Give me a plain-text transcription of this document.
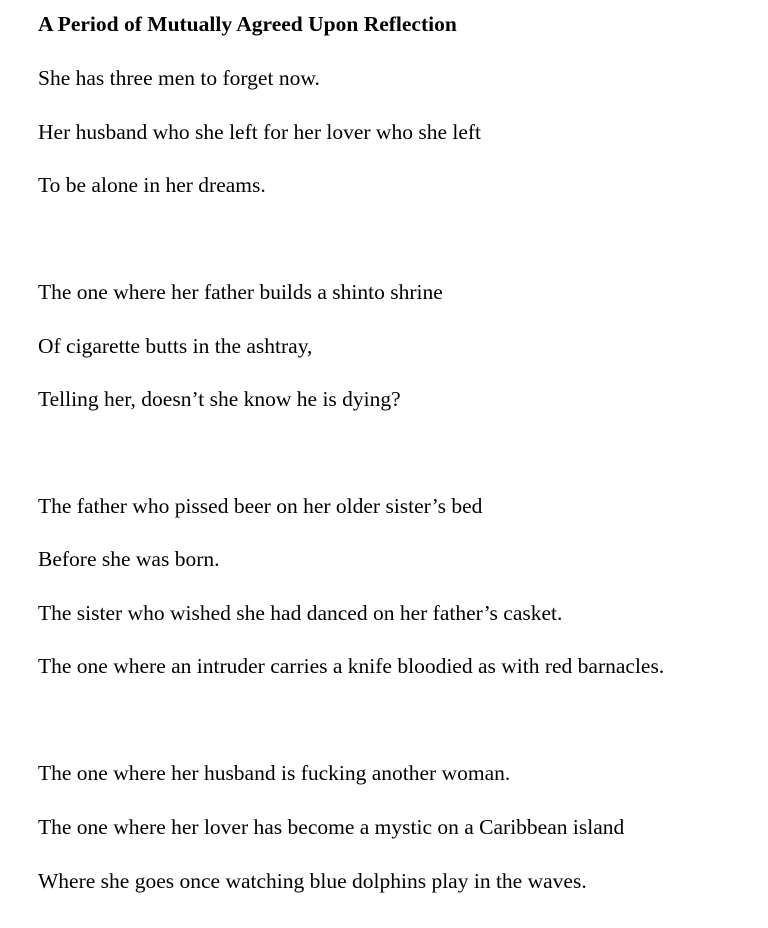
A Period of Mutually Agreed Upon Reflection
She has three men to forget now.
Her husband who she left for her lover who she left
To be alone in her dreams.
The one where her father builds a shinto shrine
Of cigarette butts in the ashtray,
Telling her, doesn’t she know he is dying?
The father who pissed beer on her older sister’s bed
Before she was born.
The sister who wished she had danced on her father’s casket.
The one where an intruder carries a knife bloodied as with red barnacles.
The one where her husband is fucking another woman.
The one where her lover has become a mystic on a Caribbean island
Where she goes once watching blue dolphins play in the waves.
